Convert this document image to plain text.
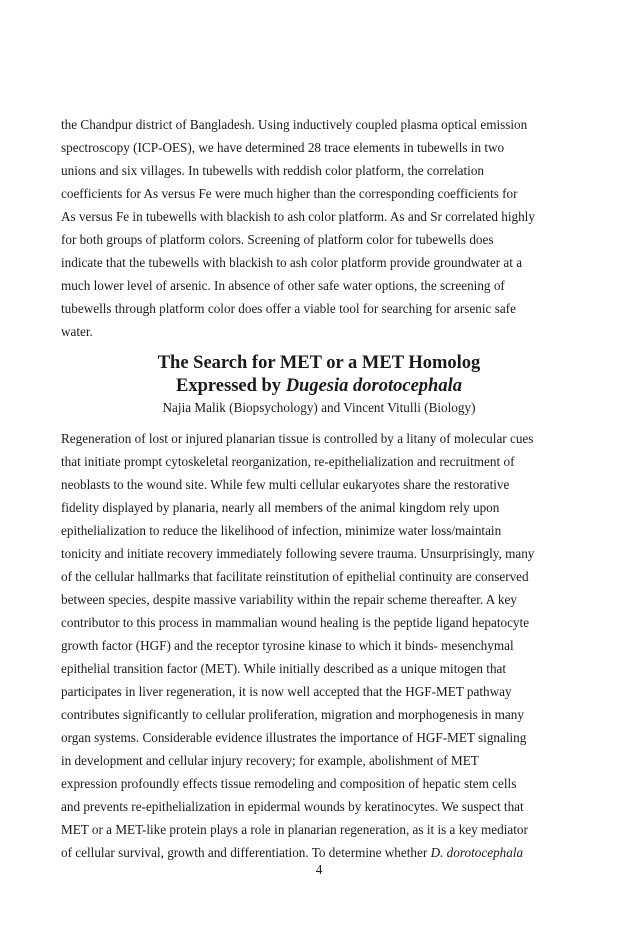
the Chandpur district of Bangladesh. Using inductively coupled plasma optical emission
spectroscopy (ICP-OES), we have determined 28 trace elements in tubewells in two
unions and six villages. In tubewells with reddish color platform, the correlation
coefficients for As versus Fe were much higher than the corresponding coefficients for
As versus Fe in tubewells with blackish to ash color platform. As and Sr correlated highly
for both groups of platform colors. Screening of platform color for tubewells does
indicate that the tubewells with blackish to ash color platform provide groundwater at a
much lower level of arsenic. In absence of other safe water options, the screening of
tubewells through platform color does offer a viable tool for searching for arsenic safe
water.
The Search for MET or a MET Homolog
Expressed by Dugesia dorotocephala
Najia Malik (Biopsychology) and Vincent Vitulli (Biology)
Regeneration of lost or injured planarian tissue is controlled by a litany of molecular cues
that initiate prompt cytoskeletal reorganization, re-epithelialization and recruitment of
neoblasts to the wound site. While few multi cellular eukaryotes share the restorative
fidelity displayed by planaria, nearly all members of the animal kingdom rely upon
epithelialization to reduce the likelihood of infection, minimize water loss/maintain
tonicity and initiate recovery immediately following severe trauma. Unsurprisingly, many
of the cellular hallmarks that facilitate reinstitution of epithelial continuity are conserved
between species, despite massive variability within the repair scheme thereafter. A key
contributor to this process in mammalian wound healing is the peptide ligand hepatocyte
growth factor (HGF) and the receptor tyrosine kinase to which it binds- mesenchymal
epithelial transition factor (MET). While initially described as a unique mitogen that
participates in liver regeneration, it is now well accepted that the HGF-MET pathway
contributes significantly to cellular proliferation, migration and morphogenesis in many
organ systems. Considerable evidence illustrates the importance of HGF-MET signaling
in development and cellular injury recovery; for example, abolishment of MET
expression profoundly effects tissue remodeling and composition of hepatic stem cells
and prevents re-epithelialization in epidermal wounds by keratinocytes. We suspect that
MET or a MET-like protein plays a role in planarian regeneration, as it is a key mediator
of cellular survival, growth and differentiation. To determine whether D. dorotocephala
4
